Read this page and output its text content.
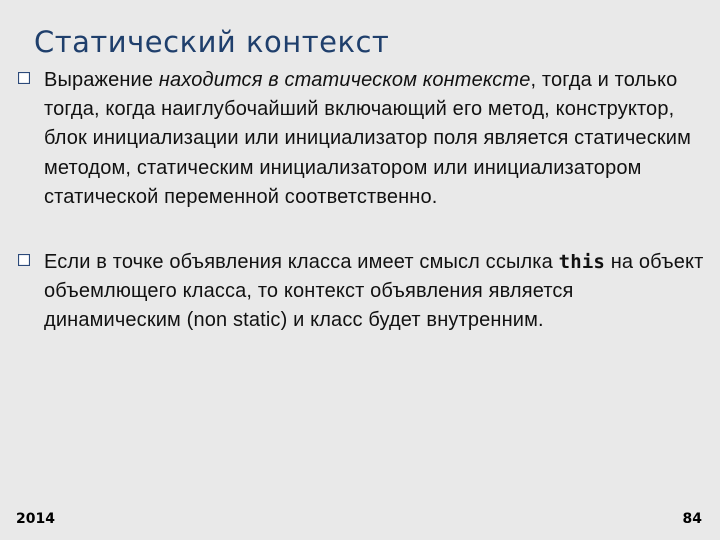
Статический контекст
Выражение находится в статическом контексте, тогда и только тогда, когда наиглубочайший включающий его метод, конструктор, блок инициализации или инициализатор поля является статическим методом, статическим инициализатором или инициализатором статической переменной соответственно.
Если в точке объявления класса имеет смысл ссылка this на объект объемлющего класса, то контекст объявления является динамическим (non static) и класс будет внутренним.
2014	84
